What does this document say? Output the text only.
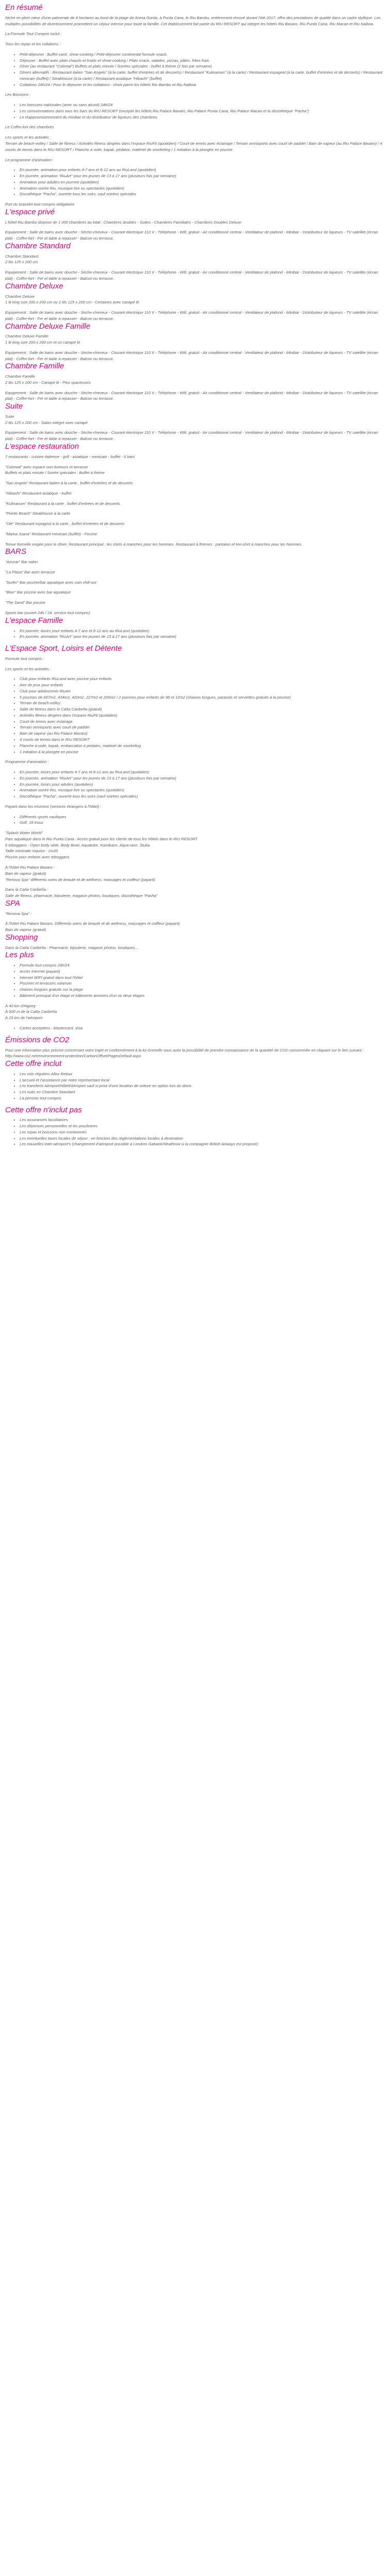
En résumé

Niché en plein cœur d'une palmeraie de 4 hectares au bord de la plage de Arena Gorda, à Punta Cana, le Riu Bambu, entièrement rénové durant l'été 2017, offre des prestations de qualité dans un cadre idyllique. Les multiples possibilités de divertissement promettent un séjour intense pour toute la famille. Cet établissement fait partie du RIU RESORT qui intègre les hôtels Riu Bavaro, Riu Punta Cana, Riu Macao et Riu Naiboa.

La Formule Tout Compris inclut :

Tous les repas et les collations :

• Petit-déjeuner : Buffet varié, show-cooking / Petit-déjeuner continental formule snack.
• Déjeuner : Buffet avec plats chauds et froids et show-cooking / Plats snack, salades, pizzas, pâtes, frites frais
• Dîner (au restaurant "Colonial") Buffets et plats minute / Soirées spéciales : buffet à thème (2 fois par semaine)
• Dîners alternatifs : Restaurant italien "San Angelo" (à la carte, buffet d'entrées et de desserts) / Restaurant "Kulinarium" (à la carte) / Restaurant espagnol (à la carte, buffet d'entrées et de desserts) / Restaurant mexicain (buffet) / Steakhouse (à la carte) / Restaurant asiatique "Hibachi" (buffet)
• Collations 24h/24 / Pour le déjeuner et les collations : choix parmi les hôtels Riu Bambu et Riu Naiboa

Les Boissons :

• Les boissons nationales (avec ou sans alcool) 24h/24
• Les consommations dans tous les bars du RIU RESORT (excepté les hôtels Riu Palace Bavaro, Riu Palace Punta Cana, Riu Palace Macao et la discothèque "Pacha")
• Le réapprovisionnement du minibar et du distributeur de liqueurs des chambres

Le Coffre-fort des chambres

Les sports et les activités :
Terrain de beach-volley / Salle de fitness / Activités fitness dirigées dans l'espace RiuFit (quotidien) / Court de tennis avec éclairage / Terrain omnisports avec court de paddel / Bain de vapeur (au Riu Palace Bavaro) / 4 courts de tennis dans le RIU RESORT / Planche à voile, kayak, pédalos, matériel de snorkeling / 1 initiation à la plongée en piscine

Le programme d'animation :

• En journée, animation pour enfants 4-7 ans et 8-12 ans au RiuLand (quotidien)
• En journée, animation "RiuArt" pour les jeunes de 13 à 17 ans (plusieurs fois par semaine)
• Animation pour adultes en journée (quotidien)
• Animation soirée Riu, musique live ou spectacles (quotidien)
• Discothèque "Pacha", ouverte tous les soirs, sauf soirées spéciales

Port du bracelet tout compris obligatoire

L'espace privé

L'hôtel Riu Bambu dispose de 1 000 chambres au total : Chambres doubles - Suites - Chambres Familiales - Chambres Doubles Deluxe

Equipement : Salle de bains avec douche - Sèche-cheveux - Courant électrique 110 V - Téléphone - Wifi, gratuit - Air conditionné central - Ventilateur de plafond - Minibar - Distributeur de liqueurs - TV satellite (écran plat) - Coffre-fort - Fer et table à repasser - Balcon ou terrasse.

Chambre Standard

Chambre Standard
2 lits 125 x 200 cm

Equipement : Salle de bains avec douche - Sèche-cheveux - Courant électrique 110 V - Téléphone - Wifi, gratuit - Air conditionné central - Ventilateur de plafond - Minibar - Distributeur de liqueurs - TV satellite (écran plat) - Coffre-fort - Fer et table à repasser - Balcon ou terrasse.

Chambre Deluxe

Chambre Deluxe
1 lit king size 200 x 200 cm ou 2 lits 125 x 200 cm - Certaines avec canapé lit

Equipement : Salle de bains avec douche - Sèche-cheveux - Courant électrique 110 V - Téléphone - Wifi, gratuit - Air conditionné central - Ventilateur de plafond - Minibar - Distributeur de liqueurs - TV satellite (écran plat) - Coffre-fort - Fer et table à repasser - Balcon ou terrasse.

Chambre Deluxe Famille

Chambre Deluxe Famille
1 lit king size 200 x 200 cm et un canapé lit

Equipement : Salle de bains avec douche - Sèche-cheveux - Courant électrique 110 V - Téléphone - Wifi, gratuit - Air conditionné central - Ventilateur de plafond - Minibar - Distributeur de liqueurs - TV satellite (écran plat) - Coffre-fort - Fer et table à repasser - Balcon ou terrasse.

Chambre Famille

Chambre Famille
2 lits 125 x 200 cm - Canapé lit - Plus spacieuses

Equipement : Salle de bains avec douche - Sèche-cheveux - Courant électrique 110 V - Téléphone - Wifi, gratuit - Air conditionné central - Ventilateur de plafond - Minibar - Distributeur de liqueurs - TV satellite (écran plat) - Coffre-fort - Fer et table à repasser - Balcon ou terrasse.

Suite

Suite
2 lits 125 x 200 cm - Salon intégré avec canapé

Equipement : Salle de bains avec douche - Sèche-cheveux - Courant électrique 110 V - Téléphone - Wifi, gratuit - Air conditionné central - Ventilateur de plafond - Minibar - Distributeur de liqueurs - TV satellite (écran plat) - Coffre-fort - Fer et table à repasser - Balcon ou terrasse.

L'espace restauration

7 restaurants - cuisine italienne - grill - asiatique - mexicain - buffet - 6 bars

"Colonial" avec espace non-fumeurs et terrasse
Buffets et plats minute / Soirée spéciales : Buffet à thème

"San Angelo" Restaurant italien à la carte , buffet d'entrées et de desserts

"Hibachi" Restaurant asiatique - buffet

"Kulinarium" Restaurant à la carte , buffet d'entrées et de desserts.

"Pointe Beach" Steakhouse à la carte

"Olé" Restaurant espagnol à la carte , buffet d'entrées et de desserts.

"Mama Juana" Restaurant mexicain (buffet) - Piscine

Tenue formelle exigée pour le dîner. Restaurant principal : les shirts à manches pour les hommes. Restaurant à thèmes : pantalon et tee-shirt à manches pour les hommes.

BARS

"Azucar" Bar salon

"La Plaza" Bar avec terrasse

"Surfer" Bar piscine/bar aquatique avec coin chill-out

"Blue" Bar piscine avec bar aquatique

"The Sand" Bar piscine

Sports bar (ouvert 24h / 24, service tout compris)

L'espace Famille
• En journée, loisirs pour enfants 4-7 ans et 8-12 ans au RiuLand (quotidien)
• En journée, animation "RiuArt" pour les jeunes de 13 à 17 ans (plusieurs fois par semaine)
L'Espace Sport, Loisirs et Détente

Formule tout compris :

Les sports et les activités :

• Club pour enfants RiuLand avec piscine pour enfants
• Aire de jeux pour enfants
• Club pour adolescents RiuArt
• 5 piscines de 667m2, 434m2, 420m2, 227m2 et 205m2 / 2 piscines pour enfants de 98 et 12m2 (chaises longues, parasols et serviettes gratuits à la piscine)
• Terrain de beach-volley
• Salle de fitness dans le Caña Caribeña (gratuit)
• Activités fitness dirigées dans l'espace RiuFit (quotidien)
• Court de tennis avec éclairage
• Terrain omnisports avec court de paddel
• Bain de vapeur (au Riu Palace Bavaro)
• 4 courts de tennis dans le RIU RESORT
• Planche à voile, kayak, embarcation à pédales, matériel de snorkeling
• 1 initiation à la plongée en piscine

Programme d'animation :

• En journée, loisirs pour enfants 4-7 ans et 8-12 ans au RiuLand (quotidien)
• En journée, animation "RiuArt" pour les jeunes de 13 à 17 ans (plusieurs fois par semaine)
• En journée, loisirs pour adultes (quotidien)
• Animation soirée Riu, musique live ou spectacles (quotidien)
• Discothèque "Pacha", ouverte tous les soirs (sauf soirées spéciales)

Payant dans les environs (services étrangers à l'hôtel) :

• Différents sports nautiques
• Golf, 18 trous

"Splash Water World"
Parc aquatique dans le Riu Punta Cana : Accès gratuit pour les clients de tous les hôtels dans le RIU RESORT.
6 toboggans - Open body slide, Body Bowl, Aquatube, Kamikaze, Aqua-race, Stuka.
Taille minimale requise : 1m20
Piscine pour enfants avec toboggans

À l'hôtel Riu Palace Bavaro :
Bain de vapeur (gratuit)
"Renova Spa" différents soins de beauté et de wellness, massages et coiffeur (payant)

Dans la Caña Caribeña :
Salle de fitness, pharmacie, bijouterie, magasin photos, boutiques, discothèque "Pacha"

SPA

"Renova Spa" :

À l'hôtel Riu Palace Bavaro. Différents soins de beauté et de wellness, massages et coiffeur (payant)
Bain de vapeur (gratuit)

Shopping

Dans la Caña Caribeña : Pharmacie, bijouterie, magasin photos, boutiques...

Les plus
• Formule tout compris 24h/24
• Accès Internet (payant)
• Internet WIFI gratuit dans tout l'hôtel
• Piscines et terrasses solarium
• chaises longues gratuits sur la plage
• Bâtiment principal d'un étage et bâtiments annexes d'un ou deux étages

À 40 km d'Higüey
À 600 m de la Caña Caribeña
À 25 km de l'aéroport

• Cartes acceptées : Mastercard, Visa
Émissions de CO2

Pour une information plus précise concernant votre trajet et conformément à la loi Grenelle vous avez la possibilité de prendre connaissance de la quantité de CO2 consommée en cliquant sur le lien suivant : http://www.co2.net/environnement-protection/CarbonOffset/PagesDefault.aspx

Cette offre inclut
• Les vols réguliers Allez Retour
• L'accueil et l'assistance par notre représentant local
• Les transferts Aéroport/Hôtel/Aéroport sauf si prise d'une location de voiture en option lors du devis
• Les nuits en Chambre Standard
• La pension tout compris
Cette offre n'inclut pas
• Les assurances facultatives
• Les dépenses personnelles et les pourboires
• Les repas et boissons non mentionnés
• Les éventuelles taxes locales de séjour : en fonction des réglementations locales à destination
• Les nouvelles inter-aéroport's (changement d'aéroport possible à Londres Gatwick/Heathrow si la compagnie British Airways est proposé)
